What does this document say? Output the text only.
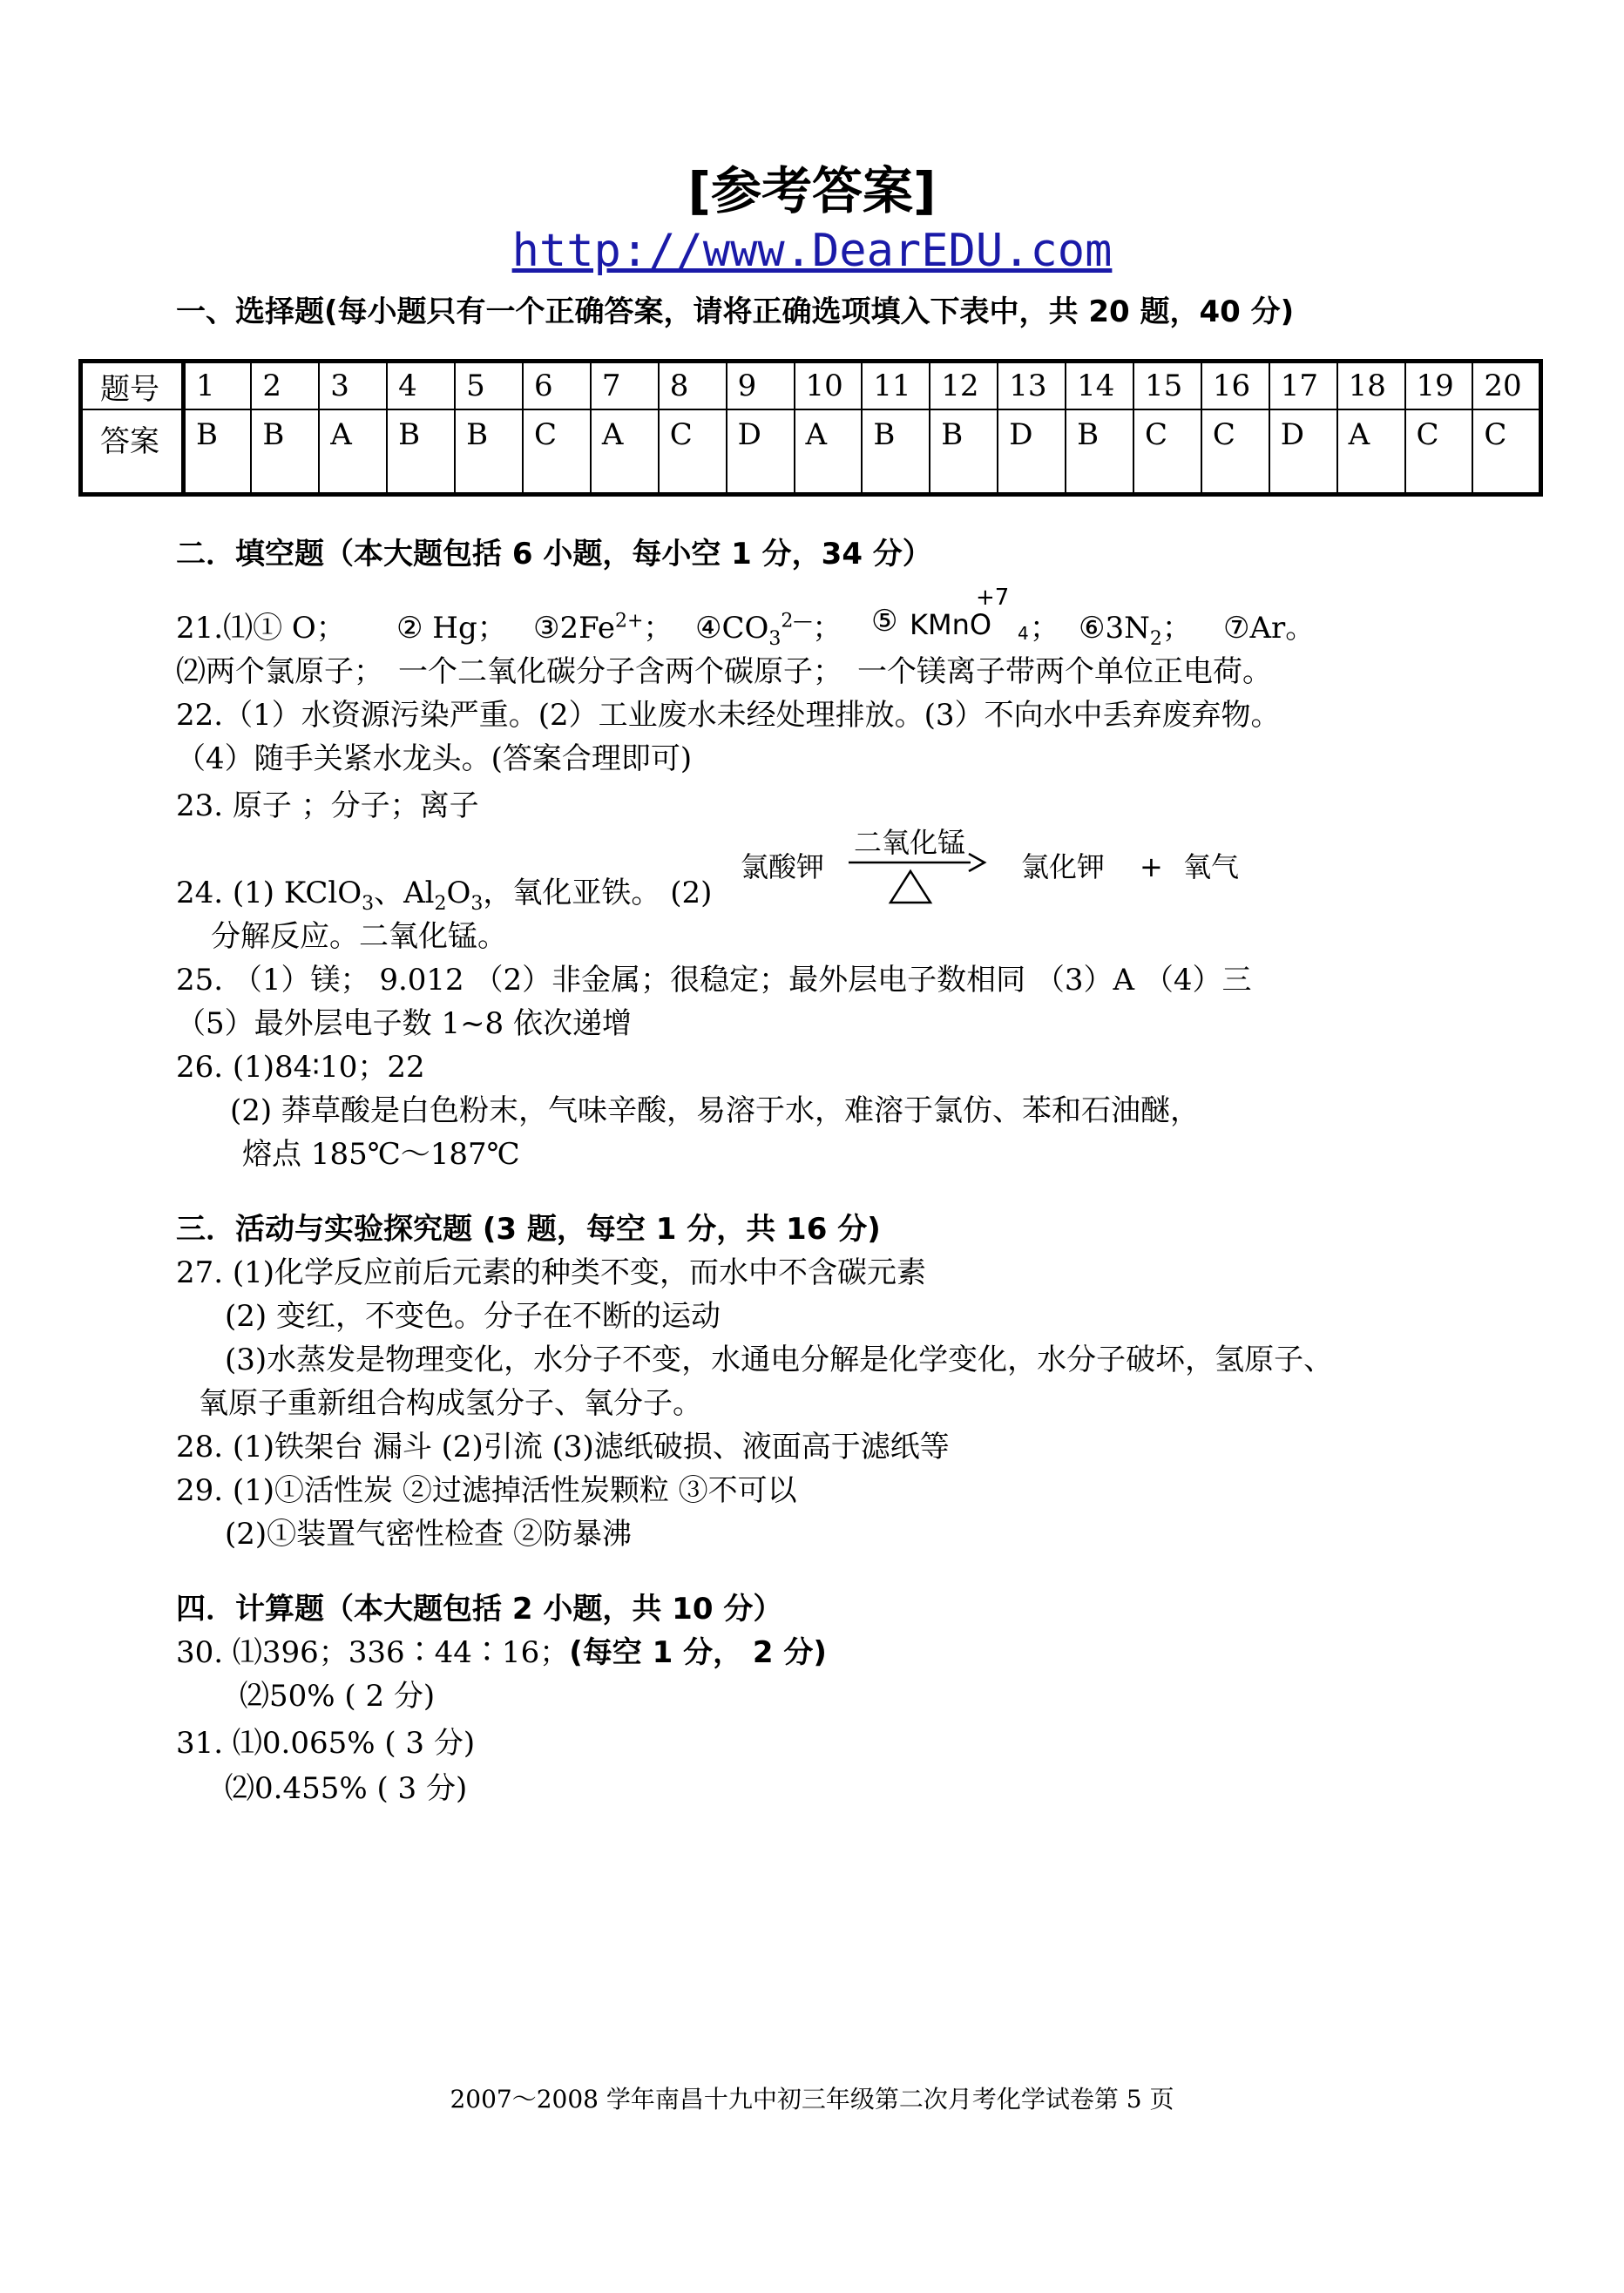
[参考答案]
http://www.DearEDU.com
一、选择题(每小题只有一个正确答案，请将正确选项填入下表中，共 20 题，40 分)
题号	1	2	3	4	5	6	7	8	9	10	11	12	13	14	15	16	17	18	19	20
答案	B	B	A	B	B	C	A	C	D	A	B	B	D	B	C	C	D	A	C	C
二．填空题（本大题包括 6 小题，每小空 1 分，34 分）
21.⑴① O； ② Hg； $③2Fe^{2+}$； $④CO_3^{2—}$； ⑤
+7
KMnO 4 ； $⑥3N_2$； ⑦Ar。
⑵两个氯原子；　一个二氧化碳分子含两个碳原子；　一个镁离子带两个单位正电荷。
22.（1）水资源污染严重。(2）工业废水未经处理排放。(3）不向水中丢弃废弃物。
（4）随手关紧水龙头。(答案合理即可)
23. 原子 ；分子；离子
24. (1) KClO$_3$、$Al_2O_3$，氧化亚铁。 (2)
氯酸钾
二氧化锰
氯化钾 + 氧气
分解反应。二氧化锰。
25. （1）镁； 9.012 （2）非金属；很稳定；最外层电子数相同 （3）A （4）三
（5）最外层电子数 1~8 依次递增
26. (1)84∶10；22
(2) 莽草酸是白色粉末，气味辛酸，易溶于水，难溶于氯仿、苯和石油醚，
熔点 185℃～187℃
三．活动与实验探究题 (3 题，每空 1 分，共 16 分)
27. (1)化学反应前后元素的种类不变，而水中不含碳元素
(2) 变红，不变色。分子在不断的运动
(3)水蒸发是物理变化，水分子不变，水通电分解是化学变化，水分子破坏，氢原子、
氧原子重新组合构成氢分子、氧分子。
28. (1)铁架台 漏斗 (2)引流 (3)滤纸破损、液面高于滤纸等
29. (1)①活性炭 ②过滤掉活性炭颗粒 ③不可以
(2)①装置气密性检查 ②防暴沸
四．计算题（本大题包括 2 小题，共 10 分）
30. ⑴396；336∶44∶16；(每空 1 分， 2 分)
⑵50% ( 2 分)
31. ⑴0.065% ( 3 分)
⑵0.455% ( 3 分)
2007～2008 学年南昌十九中初三年级第二次月考化学试卷第 5 页
